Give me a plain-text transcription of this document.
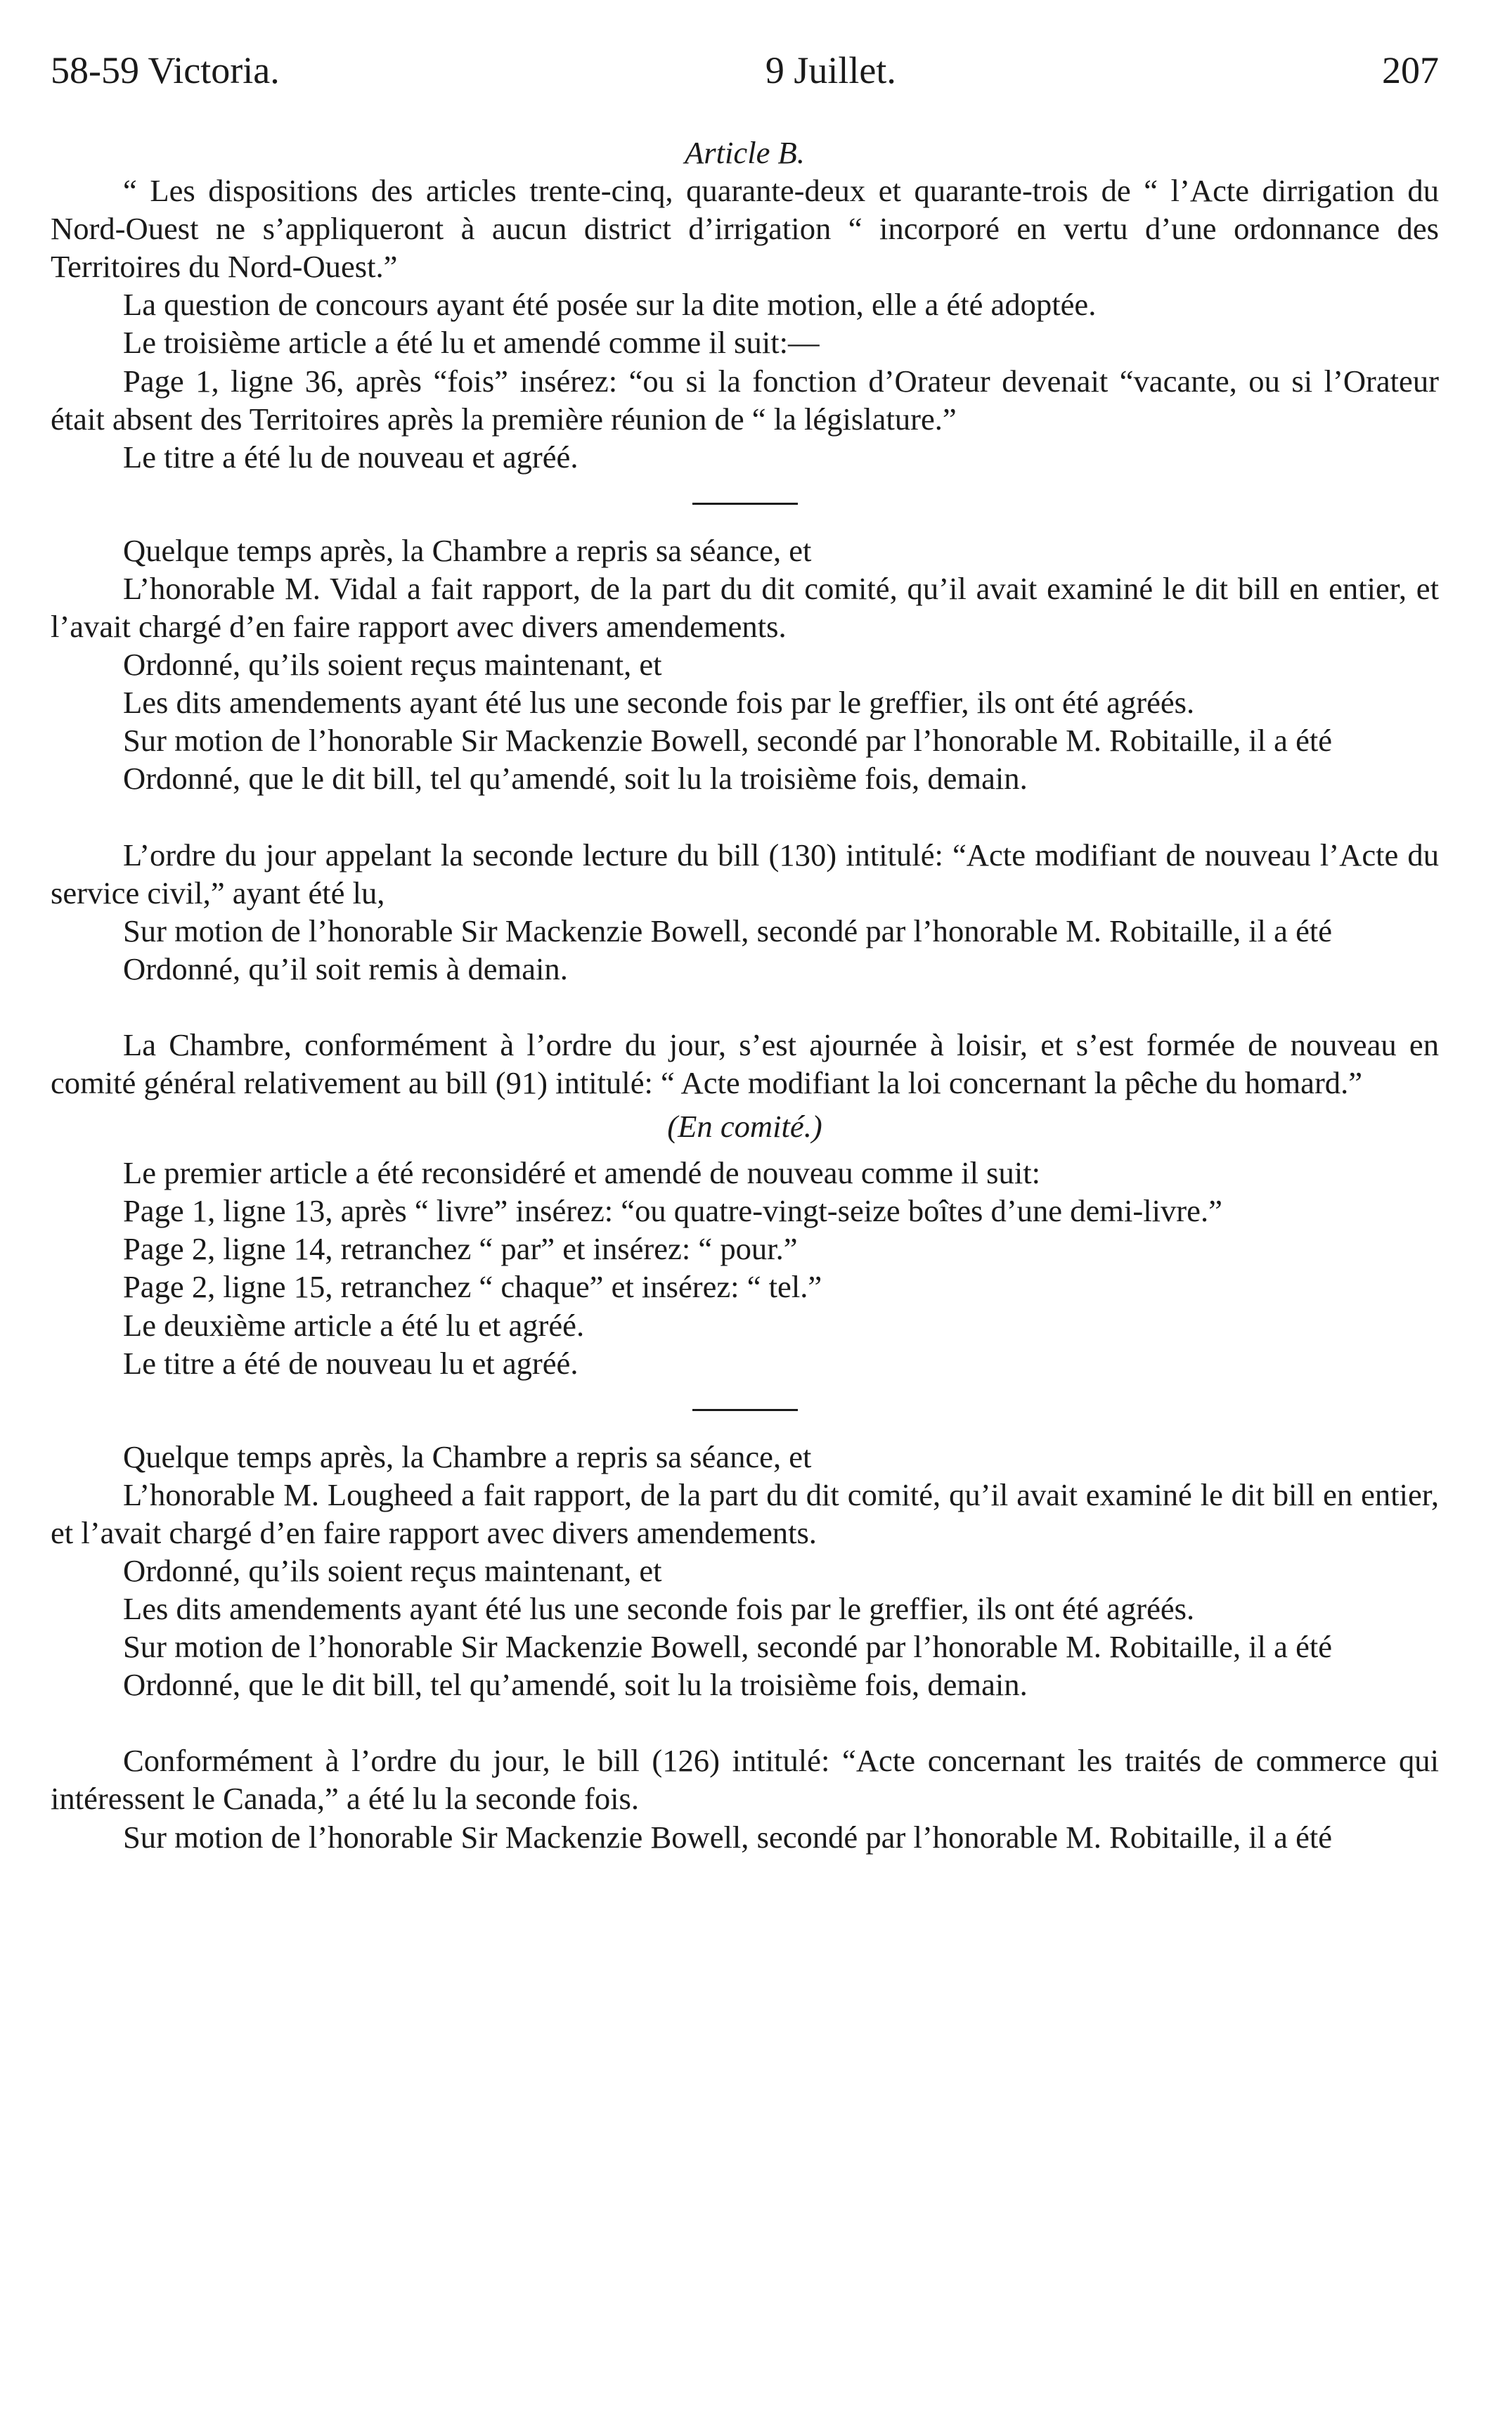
58-59 Victoria.	9 Juillet.	207
Article B.

“ Les dispositions des articles trente-cinq, quarante-deux et quarante-trois de “ l’Acte dirrigation du Nord-Ouest ne s’appliqueront à aucun district d’irrigation “ incorporé en vertu d’une ordonnance des Territoires du Nord-Ouest.”

La question de concours ayant été posée sur la dite motion, elle a été adoptée.

Le troisième article a été lu et amendé comme il suit:—

Page 1, ligne 36, après “fois” insérez: “ou si la fonction d’Orateur devenait “vacante, ou si l’Orateur était absent des Territoires après la première réunion de “ la législature.”

Le titre a été lu de nouveau et agréé.

Quelque temps après, la Chambre a repris sa séance, et

L’honorable M. Vidal a fait rapport, de la part du dit comité, qu’il avait examiné le dit bill en entier, et l’avait chargé d’en faire rapport avec divers amendements.

Ordonné, qu’ils soient reçus maintenant, et

Les dits amendements ayant été lus une seconde fois par le greffier, ils ont été agréés.

Sur motion de l’honorable Sir Mackenzie Bowell, secondé par l’honorable M. Robitaille, il a été

Ordonné, que le dit bill, tel qu’amendé, soit lu la troisième fois, demain.

L’ordre du jour appelant la seconde lecture du bill (130) intitulé: “Acte modifiant de nouveau l’Acte du service civil,” ayant été lu,

Sur motion de l’honorable Sir Mackenzie Bowell, secondé par l’honorable M. Robitaille, il a été

Ordonné, qu’il soit remis à demain.

La Chambre, conformément à l’ordre du jour, s’est ajournée à loisir, et s’est formée de nouveau en comité général relativement au bill (91) intitulé: “ Acte modifiant la loi concernant la pêche du homard.”

(En comité.)

Le premier article a été reconsidéré et amendé de nouveau comme il suit:

Page 1, ligne 13, après “ livre” insérez: “ou quatre-vingt-seize boîtes d’une demi-livre.”

Page 2, ligne 14, retranchez “ par” et insérez: “ pour.”

Page 2, ligne 15, retranchez “ chaque” et insérez: “ tel.”

Le deuxième article a été lu et agréé.

Le titre a été de nouveau lu et agréé.

Quelque temps après, la Chambre a repris sa séance, et

L’honorable M. Lougheed a fait rapport, de la part du dit comité, qu’il avait examiné le dit bill en entier, et l’avait chargé d’en faire rapport avec divers amendements.

Ordonné, qu’ils soient reçus maintenant, et

Les dits amendements ayant été lus une seconde fois par le greffier, ils ont été agréés.

Sur motion de l’honorable Sir Mackenzie Bowell, secondé par l’honorable M. Robitaille, il a été

Ordonné, que le dit bill, tel qu’amendé, soit lu la troisième fois, demain.

Conformément à l’ordre du jour, le bill (126) intitulé: “Acte concernant les traités de commerce qui intéressent le Canada,” a été lu la seconde fois.

Sur motion de l’honorable Sir Mackenzie Bowell, secondé par l’honorable M. Robitaille, il a été
